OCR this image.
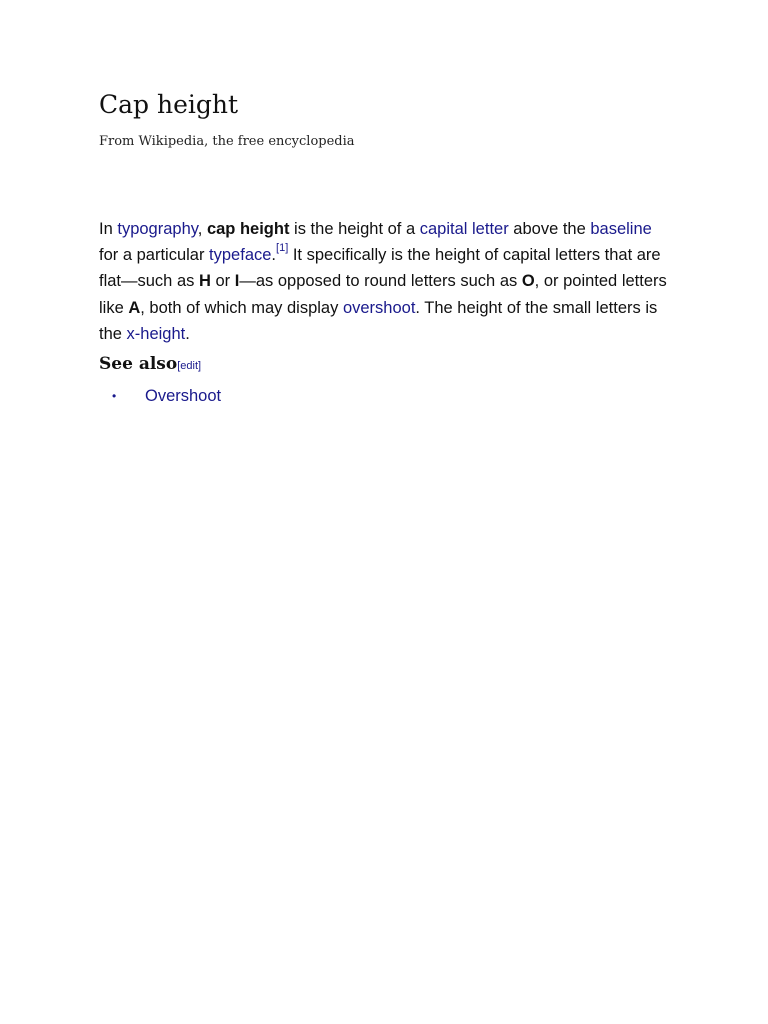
Cap height
From Wikipedia, the free encyclopedia

In typography, cap height is the height of a capital letter above the baseline for a particular typeface.[1] It specifically is the height of capital letters that are flat—such as H or I—as opposed to round letters such as O, or pointed letters like A, both of which may display overshoot. The height of the small letters is the x-height.

See also[edit]
• Overshoot
